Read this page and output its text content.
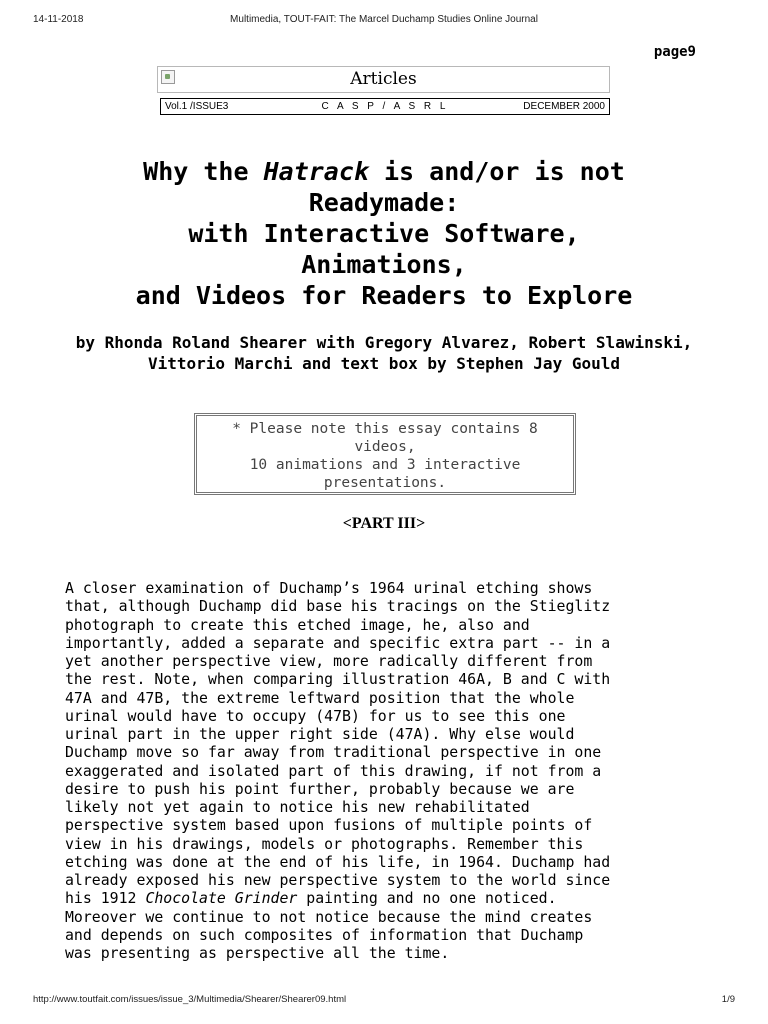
14-11-2018	Multimedia, TOUT-FAIT: The Marcel Duchamp Studies Online Journal
page9
Articles
Vol.1 /ISSUE3	C A S P / A S R L	DECEMBER 2000
Why the Hatrack is and/or is not
Readymade:
with Interactive Software,
Animations,
and Videos for Readers to Explore

by Rhonda Roland Shearer with Gregory Alvarez, Robert Slawinski, Vittorio Marchi and text box by Stephen Jay Gould

* Please note this essay contains 8
videos,
10 animations and 3 interactive
presentations.
<PART III>

A closer examination of Duchamp’s 1964 urinal etching shows
that, although Duchamp did base his tracings on the Stieglitz
photograph to create this etched image, he, also and
importantly, added a separate and specific extra part -- in a
yet another perspective view, more radically different from
the rest. Note, when comparing illustration 46A, B and C with
47A and 47B, the extreme leftward position that the whole
urinal would have to occupy (47B) for us to see this one
urinal part in the upper right side (47A). Why else would
Duchamp move so far away from traditional perspective in one
exaggerated and isolated part of this drawing, if not from a
desire to push his point further, probably because we are
likely not yet again to notice his new rehabilitated
perspective system based upon fusions of multiple points of
view in his drawings, models or photographs. Remember this
etching was done at the end of his life, in 1964. Duchamp had
already exposed his new perspective system to the world since
his 1912 Chocolate Grinder painting and no one noticed.
Moreover we continue to not notice because the mind creates
and depends on such composites of information that Duchamp
was presenting as perspective all the time.

http://www.toutfait.com/issues/issue_3/Multimedia/Shearer/Shearer09.html	1/9
